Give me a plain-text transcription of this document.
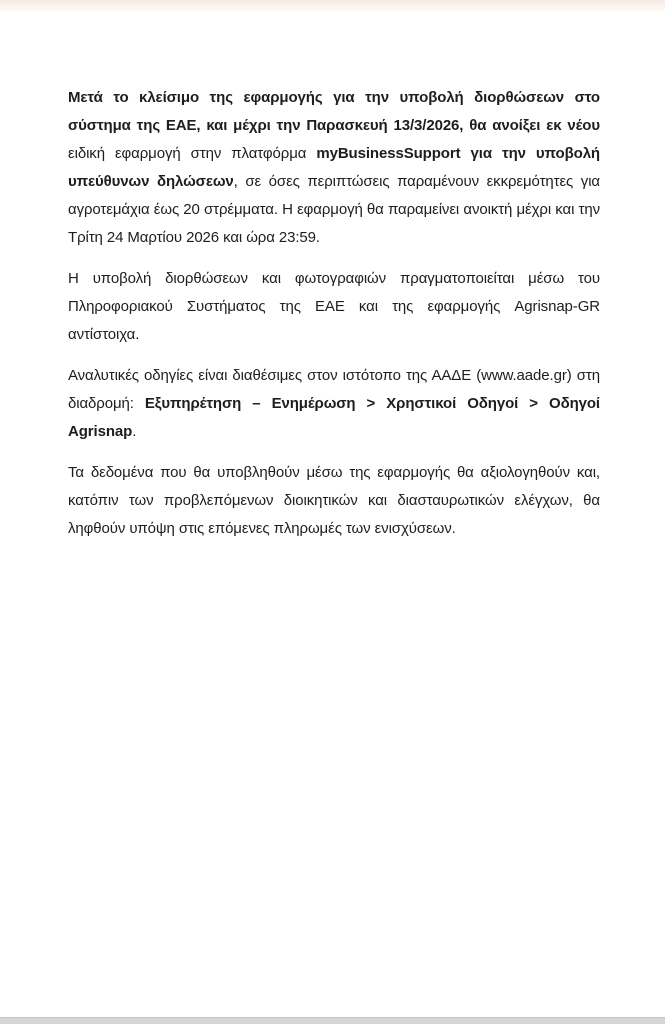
Μετά το κλείσιμο της εφαρμογής για την υποβολή διορθώσεων στο σύστημα της ΕΑΕ, και μέχρι την Παρασκευή 13/3/2026, θα ανοίξει εκ νέου ειδική εφαρμογή στην πλατφόρμα myBusinessSupport για την υποβολή υπεύθυνων δηλώσεων, σε όσες περιπτώσεις παραμένουν εκκρεμότητες για αγροτεμάχια έως 20 στρέμματα. Η εφαρμογή θα παραμείνει ανοικτή μέχρι και την Τρίτη 24 Μαρτίου 2026 και ώρα 23:59.

Η υποβολή διορθώσεων και φωτογραφιών πραγματοποιείται μέσω του Πληροφοριακού Συστήματος της ΕΑΕ και της εφαρμογής Agrisnap-GR αντίστοιχα.

Αναλυτικές οδηγίες είναι διαθέσιμες στον ιστότοπο της ΑΑΔΕ (www.aade.gr) στη διαδρομή: Εξυπηρέτηση – Ενημέρωση > Χρηστικοί Οδηγοί > Οδηγοί Agrisnap.

Τα δεδομένα που θα υποβληθούν μέσω της εφαρμογής θα αξιολογηθούν και, κατόπιν των προβλεπόμενων διοικητικών και διασταυρωτικών ελέγχων, θα ληφθούν υπόψη στις επόμενες πληρωμές των ενισχύσεων.
